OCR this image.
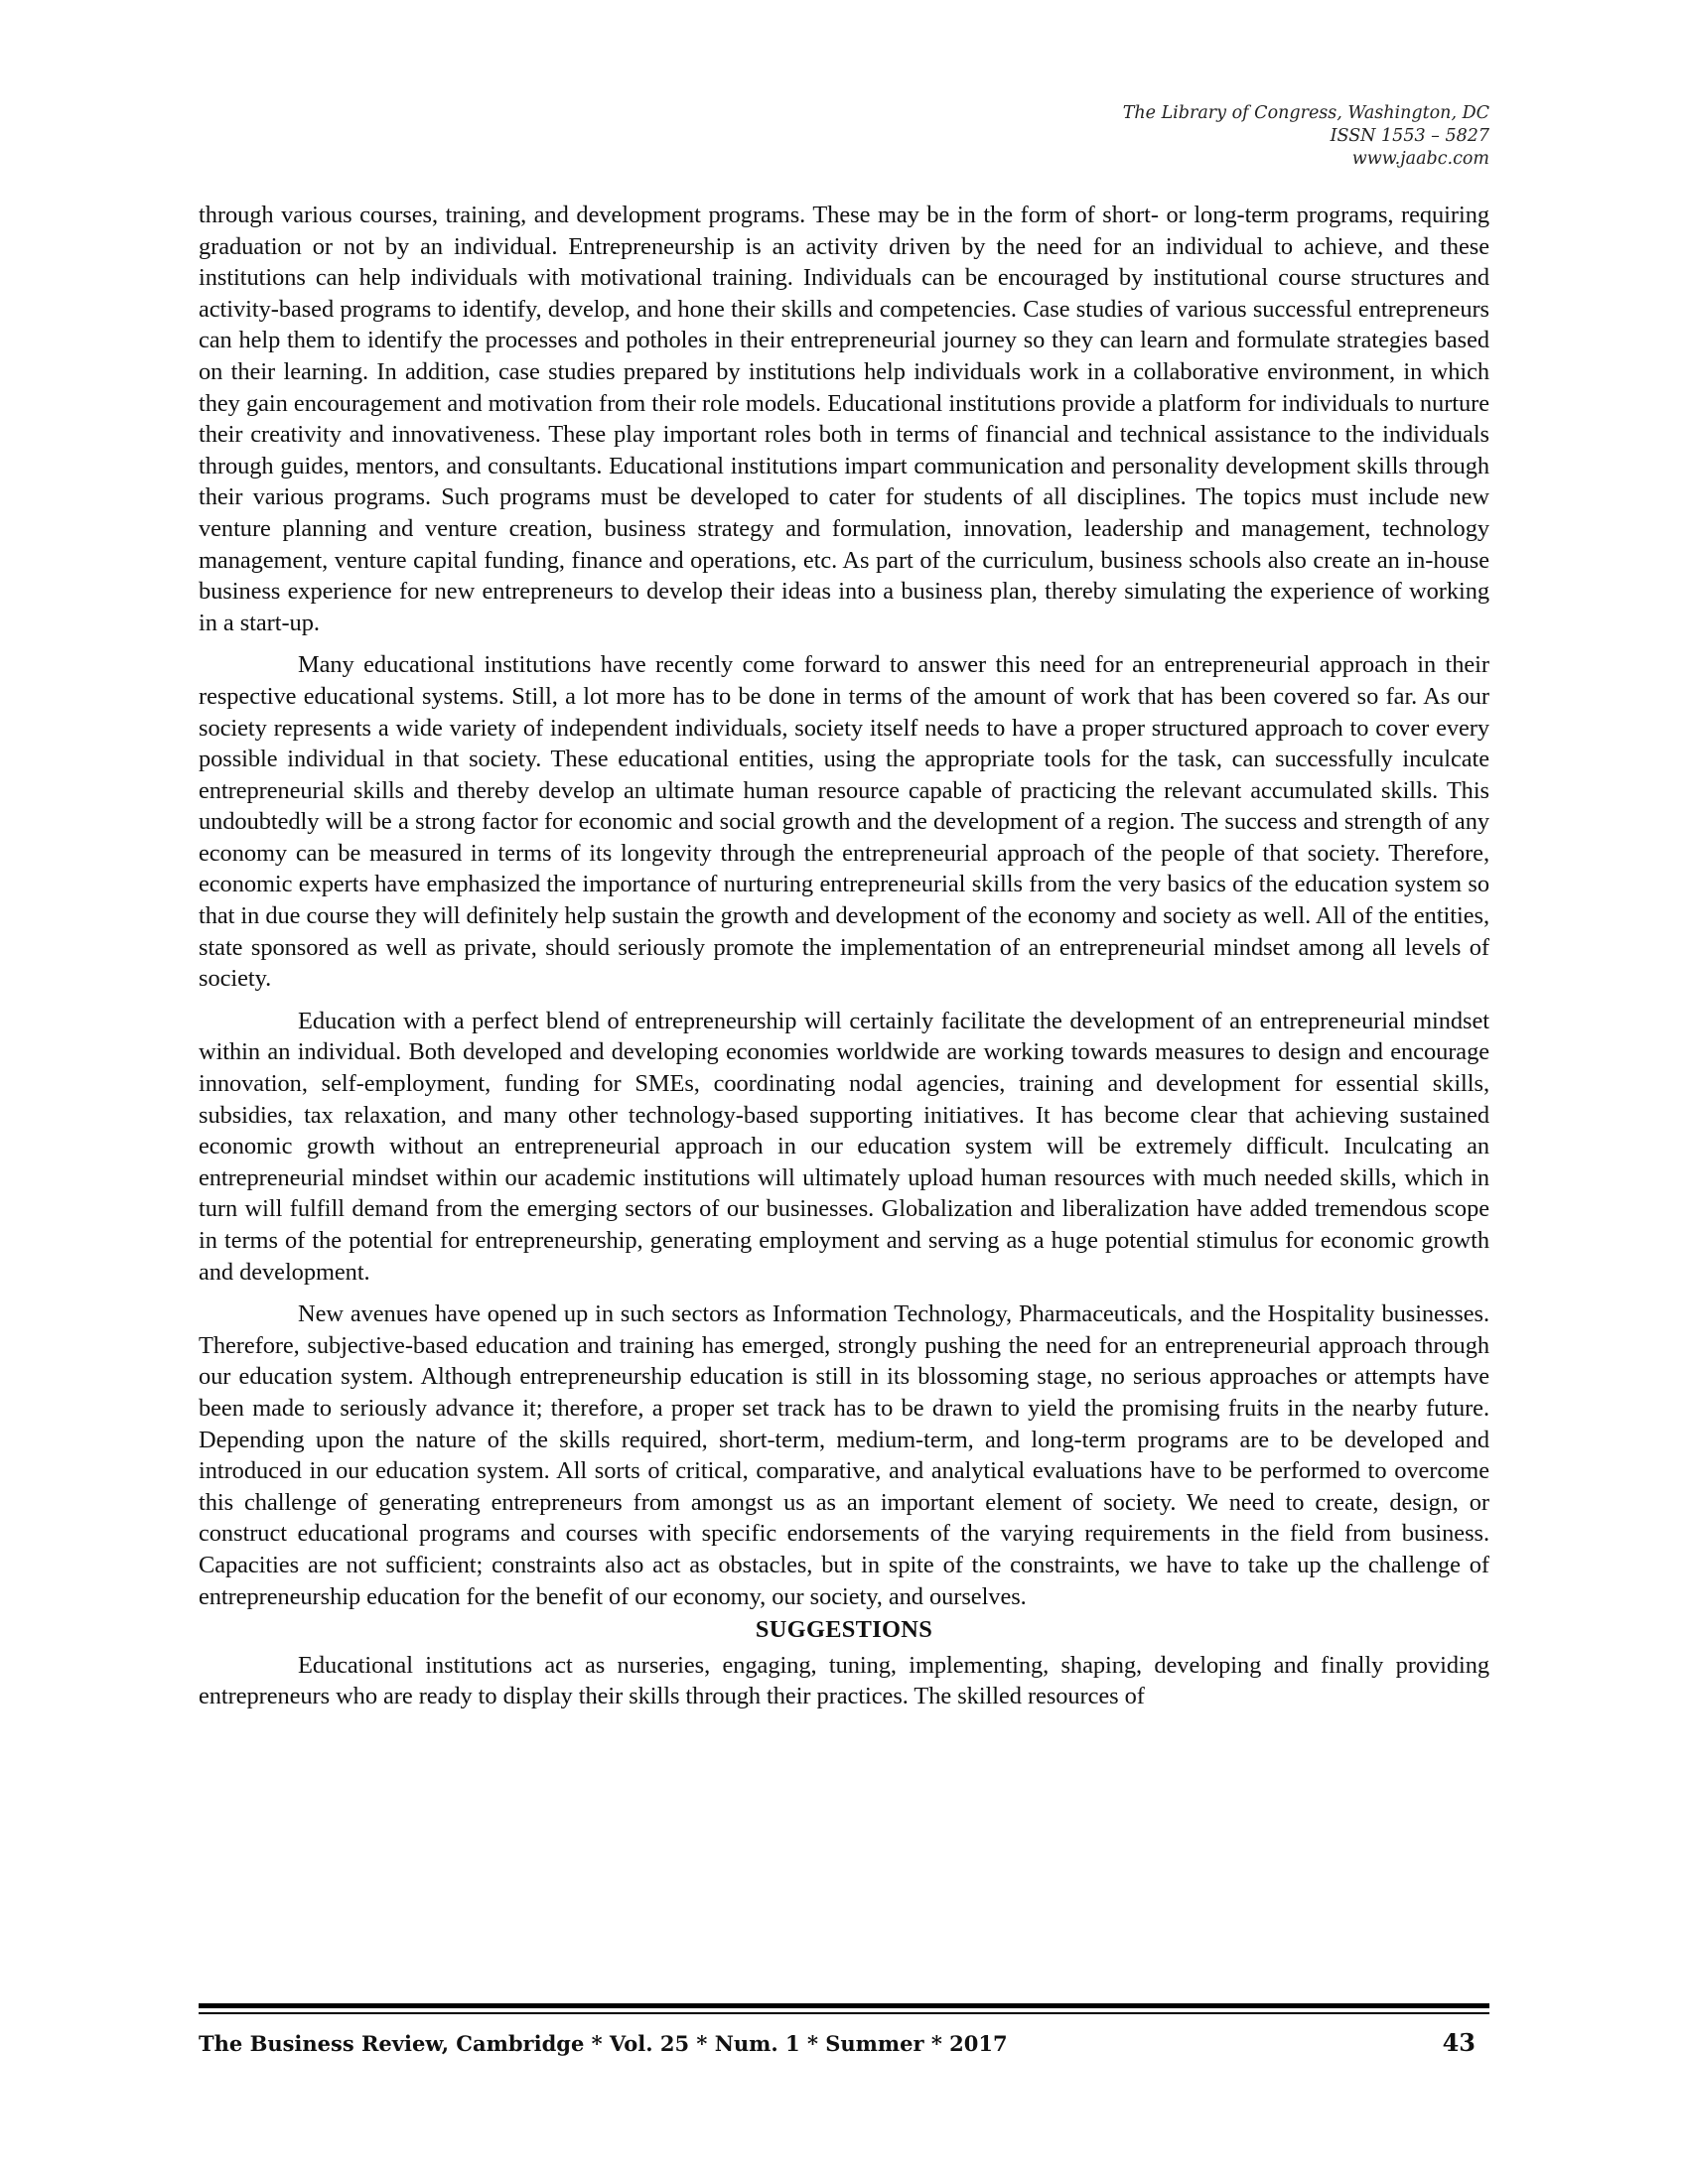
The Library of Congress, Washington, DC
ISSN 1553 – 5827
www.jaabc.com

through various courses, training, and development programs. These may be in the form of short- or long-term programs, requiring graduation or not by an individual. Entrepreneurship is an activity driven by the need for an individual to achieve, and these institutions can help individuals with motivational training. Individuals can be encouraged by institutional course structures and activity-based programs to identify, develop, and hone their skills and competencies. Case studies of various successful entrepreneurs can help them to identify the processes and potholes in their entrepreneurial journey so they can learn and formulate strategies based on their learning. In addition, case studies prepared by institutions help individuals work in a collaborative environment, in which they gain encouragement and motivation from their role models. Educational institutions provide a platform for individuals to nurture their creativity and innovativeness. These play important roles both in terms of financial and technical assistance to the individuals through guides, mentors, and consultants. Educational institutions impart communication and personality development skills through their various programs. Such programs must be developed to cater for students of all disciplines. The topics must include new venture planning and venture creation, business strategy and formulation, innovation, leadership and management, technology management, venture capital funding, finance and operations, etc. As part of the curriculum, business schools also create an in-house business experience for new entrepreneurs to develop their ideas into a business plan, thereby simulating the experience of working in a start-up.

Many educational institutions have recently come forward to answer this need for an entrepreneurial approach in their respective educational systems. Still, a lot more has to be done in terms of the amount of work that has been covered so far. As our society represents a wide variety of independent individuals, society itself needs to have a proper structured approach to cover every possible individual in that society. These educational entities, using the appropriate tools for the task, can successfully inculcate entrepreneurial skills and thereby develop an ultimate human resource capable of practicing the relevant accumulated skills. This undoubtedly will be a strong factor for economic and social growth and the development of a region. The success and strength of any economy can be measured in terms of its longevity through the entrepreneurial approach of the people of that society. Therefore, economic experts have emphasized the importance of nurturing entrepreneurial skills from the very basics of the education system so that in due course they will definitely help sustain the growth and development of the economy and society as well. All of the entities, state sponsored as well as private, should seriously promote the implementation of an entrepreneurial mindset among all levels of society.

Education with a perfect blend of entrepreneurship will certainly facilitate the development of an entrepreneurial mindset within an individual. Both developed and developing economies worldwide are working towards measures to design and encourage innovation, self-employment, funding for SMEs, coordinating nodal agencies, training and development for essential skills, subsidies, tax relaxation, and many other technology-based supporting initiatives. It has become clear that achieving sustained economic growth without an entrepreneurial approach in our education system will be extremely difficult. Inculcating an entrepreneurial mindset within our academic institutions will ultimately upload human resources with much needed skills, which in turn will fulfill demand from the emerging sectors of our businesses. Globalization and liberalization have added tremendous scope in terms of the potential for entrepreneurship, generating employment and serving as a huge potential stimulus for economic growth and development.

New avenues have opened up in such sectors as Information Technology, Pharmaceuticals, and the Hospitality businesses. Therefore, subjective-based education and training has emerged, strongly pushing the need for an entrepreneurial approach through our education system. Although entrepreneurship education is still in its blossoming stage, no serious approaches or attempts have been made to seriously advance it; therefore, a proper set track has to be drawn to yield the promising fruits in the nearby future. Depending upon the nature of the skills required, short-term, medium-term, and long-term programs are to be developed and introduced in our education system. All sorts of critical, comparative, and analytical evaluations have to be performed to overcome this challenge of generating entrepreneurs from amongst us as an important element of society. We need to create, design, or construct educational programs and courses with specific endorsements of the varying requirements in the field from business. Capacities are not sufficient; constraints also act as obstacles, but in spite of the constraints, we have to take up the challenge of entrepreneurship education for the benefit of our economy, our society, and ourselves.

SUGGESTIONS

Educational institutions act as nurseries, engaging, tuning, implementing, shaping, developing and finally providing entrepreneurs who are ready to display their skills through their practices. The skilled resources of

The Business Review, Cambridge * Vol. 25 * Num. 1 * Summer * 2017	43
